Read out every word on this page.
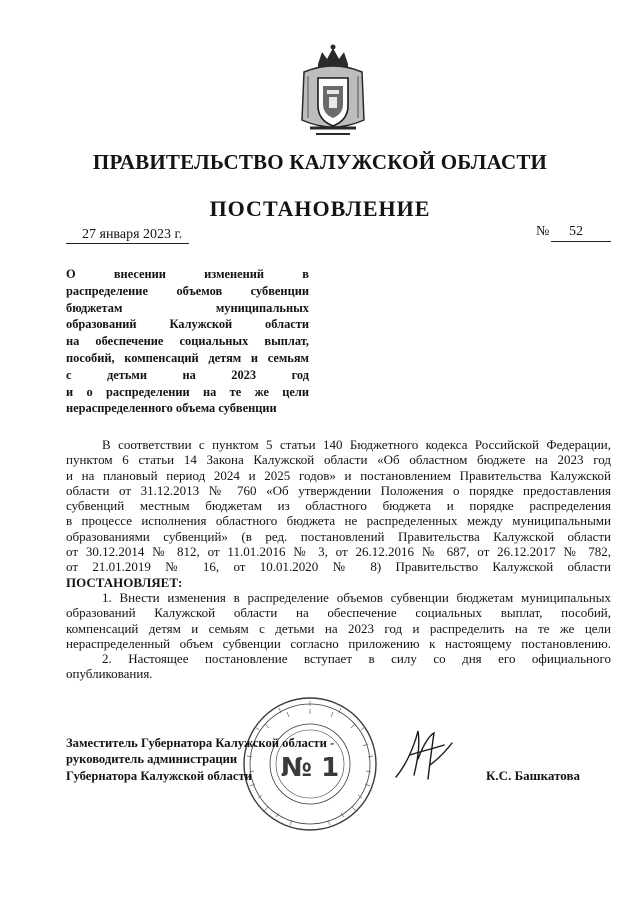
ПРАВИТЕЛЬСТВО КАЛУЖСКОЙ ОБЛАСТИ
ПОСТАНОВЛЕНИЕ
27 января 2023 г.	№ 52
О внесении изменений в
распределение объемов субвенции
бюджетам муниципальных
образований Калужской области
на обеспечение социальных выплат,
пособий, компенсаций детям и семьям
с детьми на 2023 год
и о распределении на те же цели
нераспределенного объема субвенции
В соответствии с пунктом 5 статьи 140 Бюджетного кодекса Российской Федерации,
пунктом 6 статьи 14 Закона Калужской области «Об областном бюджете на 2023 год
и на плановый период 2024 и 2025 годов» и постановлением Правительства Калужской
области от 31.12.2013 № 760 «Об утверждении Положения о порядке предоставления
субвенций местным бюджетам из областного бюджета и порядке распределения
в процессе исполнения областного бюджета не распределенных между муниципальными
образованиями субвенций» (в ред. постановлений Правительства Калужской области
от 30.12.2014 № 812, от 11.01.2016 № 3, от 26.12.2016 № 687, от 26.12.2017 № 782,
от 21.01.2019 № 16, от 10.01.2020 № 8) Правительство Калужской области
ПОСТАНОВЛЯЕТ:
1. Внести изменения в распределение объемов субвенции бюджетам муниципальных
образований Калужской области на обеспечение социальных выплат, пособий,
компенсаций детям и семьям с детьми на 2023 год и распределить на те же цели
нераспределенный объем субвенции согласно приложению к настоящему постановлению.
2. Настоящее постановление вступает в силу со дня его официального
опубликования.
№ 1
Заместитель Губернатора Калужской области -
руководитель администрации
Губернатора Калужской области	К.С. Башкатова
